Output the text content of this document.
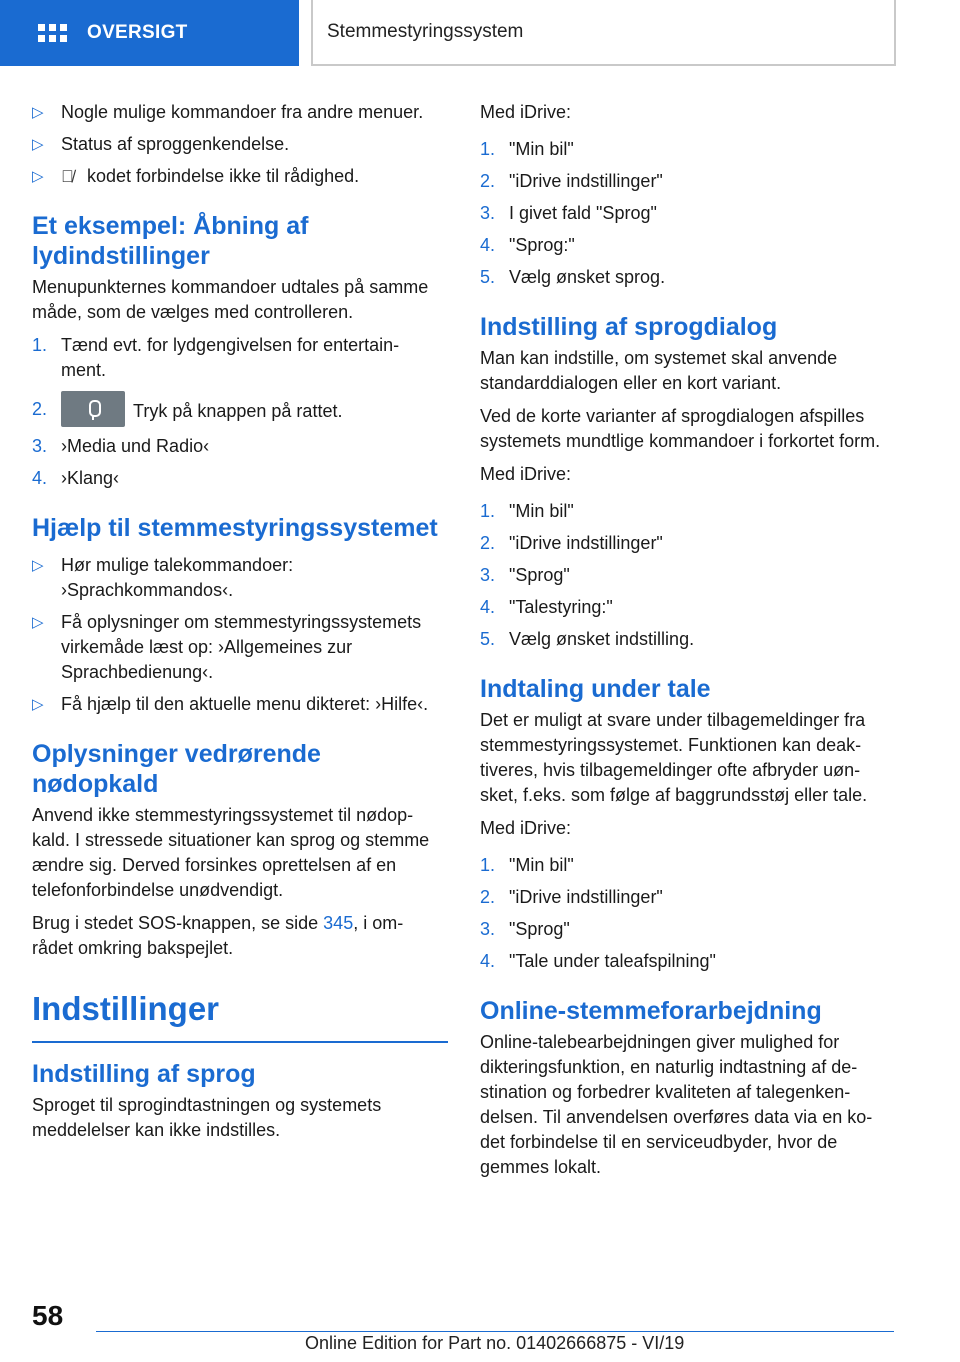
OVERSIGT	Stemmestyringssystem
▷ Nogle mulige kommandoer fra andre menuer.
▷ Status af sproggenkendelse.
▷ 🗣̸ kodet forbindelse ikke til rådighed.
Et eksempel: Åbning af lydindstillinger

Menupunkternes kommandoer udtales på samme måde, som de vælges med controlleren.

1. Tænd evt. for lydgengivelsen for entertain‐ ment.
2.	Tryk på knappen på rattet.
3. ›Media und Radio‹
4. ›Klang‹
Hjælp til stemmestyringssystemet
▷ Hør mulige talekommandoer: ›Sprachkommandos‹.
▷ Få oplysninger om stemmestyringssystemets virkemåde læst op: ›Allgemeines zur Sprachbedienung‹.
▷ Få hjælp til den aktuelle menu dikteret: ›Hilfe‹.
Oplysninger vedrørende nødopkald

Anvend ikke stemmestyringssystemet til nødop‐ kald. I stressede situationer kan sprog og stemme ændre sig. Derved forsinkes oprettelsen af en telefonforbindelse unødvendigt.

Brug i stedet SOS-knappen, se side 345, i om‐ rådet omkring bakspejlet.

Indstillinger
Indstilling af sprog

Sproget til sprogindtastningen og systemets meddelelser kan ikke indstilles.

Med iDrive:

1. "Min bil"
2. "iDrive indstillinger"
3. I givet fald "Sprog"
4. "Sprog:"
5. Vælg ønsket sprog.
Indstilling af sprogdialog

Man kan indstille, om systemet skal anvende standarddialogen eller en kort variant.

Ved de korte varianter af sprogdialogen afspilles systemets mundtlige kommandoer i forkortet form.

Med iDrive:

1. "Min bil"
2. "iDrive indstillinger"
3. "Sprog"
4. "Talestyring:"
5. Vælg ønsket indstilling.
Indtaling under tale

Det er muligt at svare under tilbagemeldinger fra stemmestyringssystemet. Funktionen kan deak‐ tiveres, hvis tilbagemeldinger ofte afbryder uøn‐ sket, f.eks. som følge af baggrundsstøj eller tale.

Med iDrive:

1. "Min bil"
2. "iDrive indstillinger"
3. "Sprog"
4. "Tale under taleafspilning"
Online-stemmeforarbejdning

Online-talebearbejdningen giver mulighed for dikteringsfunktion, en naturlig indtastning af de‐ stination og forbedrer kvaliteten af talegenken‐ delsen. Til anvendelsen overføres data via en ko‐ det forbindelse til en serviceudbyder, hvor de gemmes lokalt.

58
Online Edition for Part no. 01402666875 - VI/19
